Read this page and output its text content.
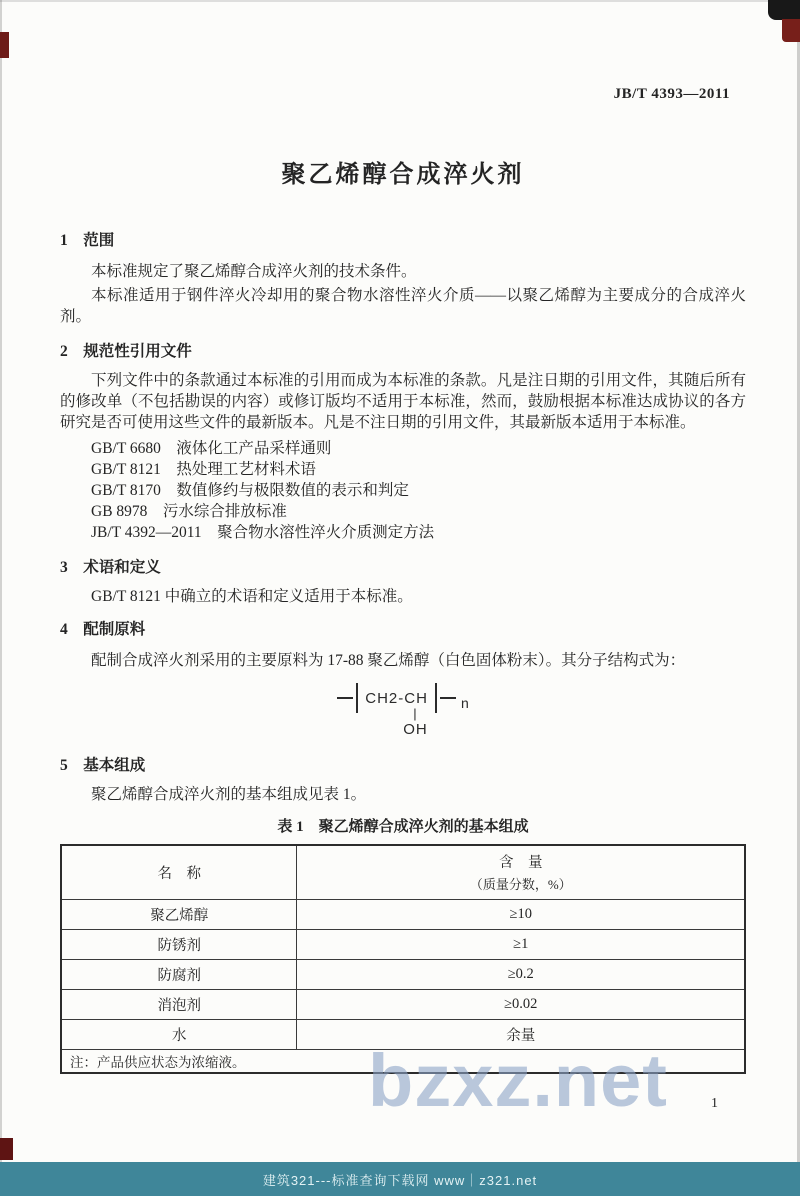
JB/T 4393—2011
聚乙烯醇合成淬火剂
1　范围
本标准规定了聚乙烯醇合成淬火剂的技术条件。
本标准适用于钢件淬火冷却用的聚合物水溶性淬火介质——以聚乙烯醇为主要成分的合成淬火剂。
2　规范性引用文件
下列文件中的条款通过本标准的引用而成为本标准的条款。凡是注日期的引用文件，其随后所有的修改单（不包括勘误的内容）或修订版均不适用于本标准，然而，鼓励根据本标准达成协议的各方研究是否可使用这些文件的最新版本。凡是不注日期的引用文件，其最新版本适用于本标准。
GB/T 6680　液体化工产品采样通则
GB/T 8121　热处理工艺材料术语
GB/T 8170　数值修约与极限数值的表示和判定
GB 8978　污水综合排放标准
JB/T 4392—2011　聚合物水溶性淬火介质测定方法
3　术语和定义
GB/T 8121 中确立的术语和定义适用于本标准。
4　配制原料
配制合成淬火剂采用的主要原料为 17-88 聚乙烯醇（白色固体粉末）。其分子结构式为：
CH2-CH n
|
OH
5　基本组成
聚乙烯醇合成淬火剂的基本组成见表 1。
表 1　聚乙烯醇合成淬火剂的基本组成
名　称	含　量
（质量分数，%）

聚乙烯醇	≥10
防锈剂	≥1
防腐剂	≥0.2
消泡剂	≥0.02
水	余量
注：产品供应状态为浓缩液。	
1
bzxz.net
建筑321---标准查询下载网 www｜z321.net
